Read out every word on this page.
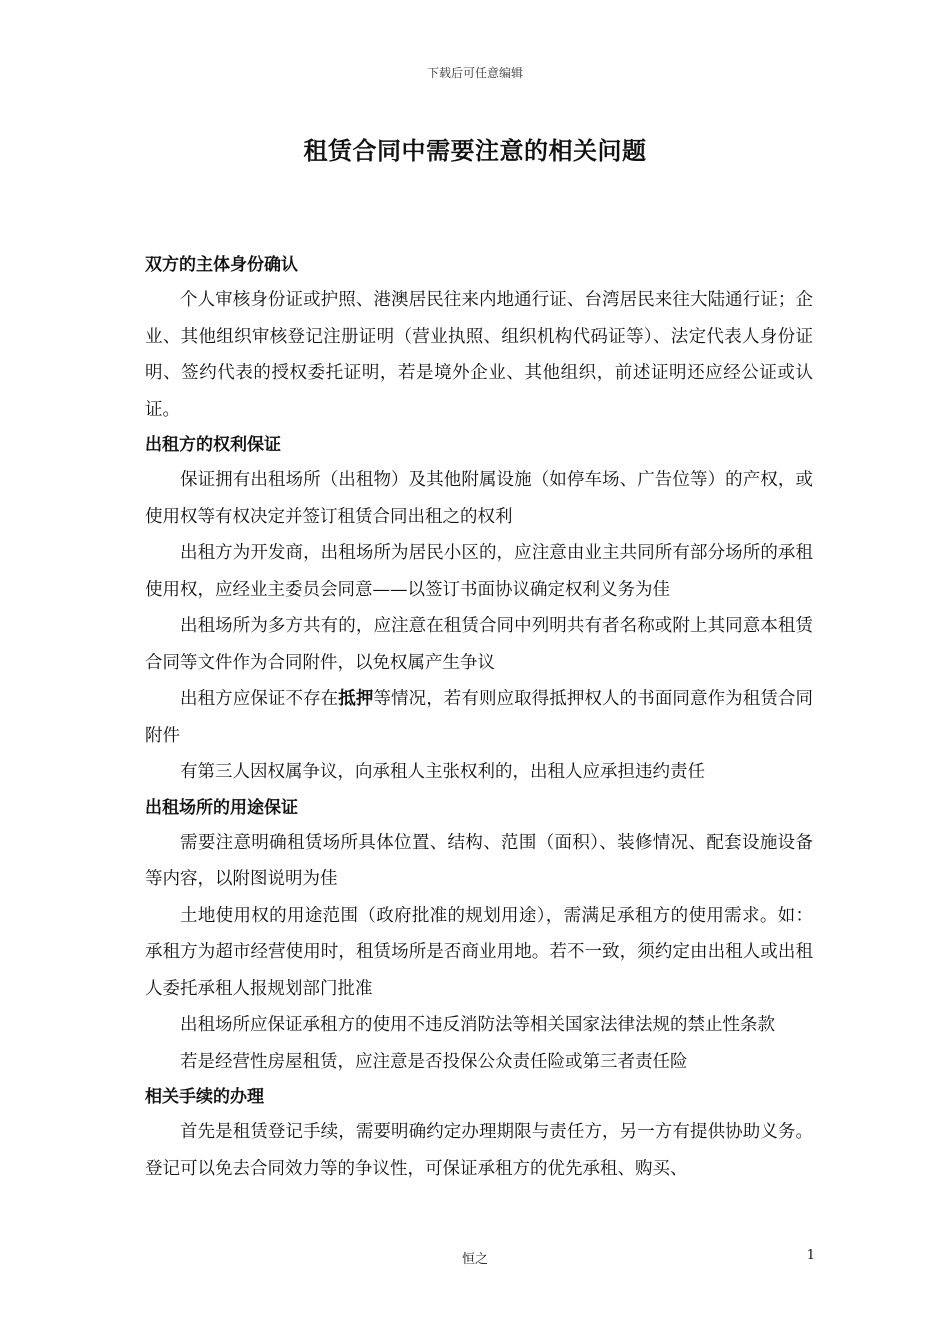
下载后可任意编辑
租赁合同中需要注意的相关问题
双方的主体身份确认

个人审核身份证或护照、港澳居民往来内地通行证、台湾居民来往大陆通行证；企业、其他组织审核登记注册证明（营业执照、组织机构代码证等）、法定代表人身份证明、签约代表的授权委托证明，若是境外企业、其他组织，前述证明还应经公证或认证。

出租方的权利保证

保证拥有出租场所（出租物）及其他附属设施（如停车场、广告位等）的产权，或使用权等有权决定并签订租赁合同出租之的权利

出租方为开发商，出租场所为居民小区的，应注意由业主共同所有部分场所的承租使用权，应经业主委员会同意——以签订书面协议确定权利义务为佳

出租场所为多方共有的，应注意在租赁合同中列明共有者名称或附上其同意本租赁合同等文件作为合同附件，以免权属产生争议

出租方应保证不存在抵押等情况，若有则应取得抵押权人的书面同意作为租赁合同附件

有第三人因权属争议，向承租人主张权利的，出租人应承担违约责任

出租场所的用途保证

需要注意明确租赁场所具体位置、结构、范围（面积）、装修情况、配套设施设备等内容，以附图说明为佳

土地使用权的用途范围（政府批准的规划用途），需满足承租方的使用需求。如：承租方为超市经营使用时，租赁场所是否商业用地。若不一致，须约定由出租人或出租人委托承租人报规划部门批准

出租场所应保证承租方的使用不违反消防法等相关国家法律法规的禁止性条款

若是经营性房屋租赁，应注意是否投保公众责任险或第三者责任险

相关手续的办理

首先是租赁登记手续，需要明确约定办理期限与责任方，另一方有提供协助义务。登记可以免去合同效力等的争议性，可保证承租方的优先承租、购买、

恒之	1
